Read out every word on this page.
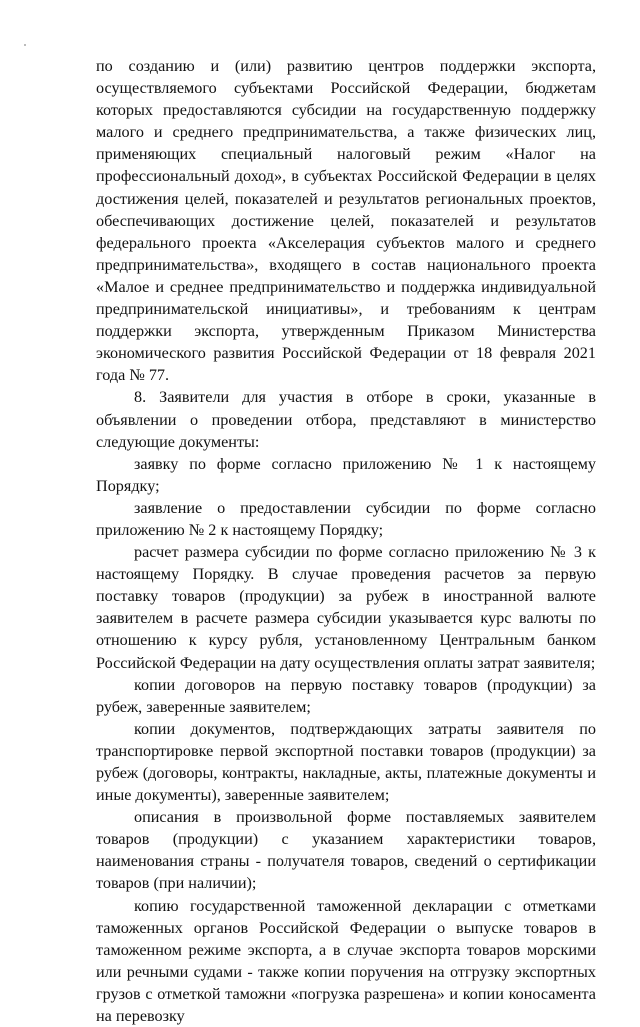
по созданию и (или) развитию центров поддержки экспорта, осуществляемого субъектами Российской Федерации, бюджетам которых предоставляются субсидии на государственную поддержку малого и среднего предпринимательства, а также физических лиц, применяющих специальный налоговый режим «Налог на профессиональный доход», в субъектах Российской Федерации в целях достижения целей, показателей и результатов региональных проектов, обеспечивающих достижение целей, показателей и результатов федерального проекта «Акселерация субъектов малого и среднего предпринимательства», входящего в состав национального проекта «Малое и среднее предпринимательство и поддержка индивидуальной предпринимательской инициативы», и требованиям к центрам поддержки экспорта, утвержденным Приказом Министерства экономического развития Российской Федерации от 18 февраля 2021 года № 77.

8. Заявители для участия в отборе в сроки, указанные в объявлении о проведении отбора, представляют в министерство следующие документы:

заявку по форме согласно приложению № 1 к настоящему Порядку;

заявление о предоставлении субсидии по форме согласно приложению № 2 к настоящему Порядку;

расчет размера субсидии по форме согласно приложению № 3 к настоящему Порядку. В случае проведения расчетов за первую поставку товаров (продукции) за рубеж в иностранной валюте заявителем в расчете размера субсидии указывается курс валюты по отношению к курсу рубля, установленному Центральным банком Российской Федерации на дату осуществления оплаты затрат заявителя;

копии договоров на первую поставку товаров (продукции) за рубеж, заверенные заявителем;

копии документов, подтверждающих затраты заявителя по транспортировке первой экспортной поставки товаров (продукции) за рубеж (договоры, контракты, накладные, акты, платежные документы и иные документы), заверенные заявителем;

описания в произвольной форме поставляемых заявителем товаров (продукции) с указанием характеристики товаров, наименования страны - получателя товаров, сведений о сертификации товаров (при наличии);

копию государственной таможенной декларации с отметками таможенных органов Российской Федерации о выпуске товаров в таможенном режиме экспорта, а в случае экспорта товаров морскими или речными судами - также копии поручения на отгрузку экспортных грузов с отметкой таможни «погрузка разрешена» и копии коносамента на перевозку
